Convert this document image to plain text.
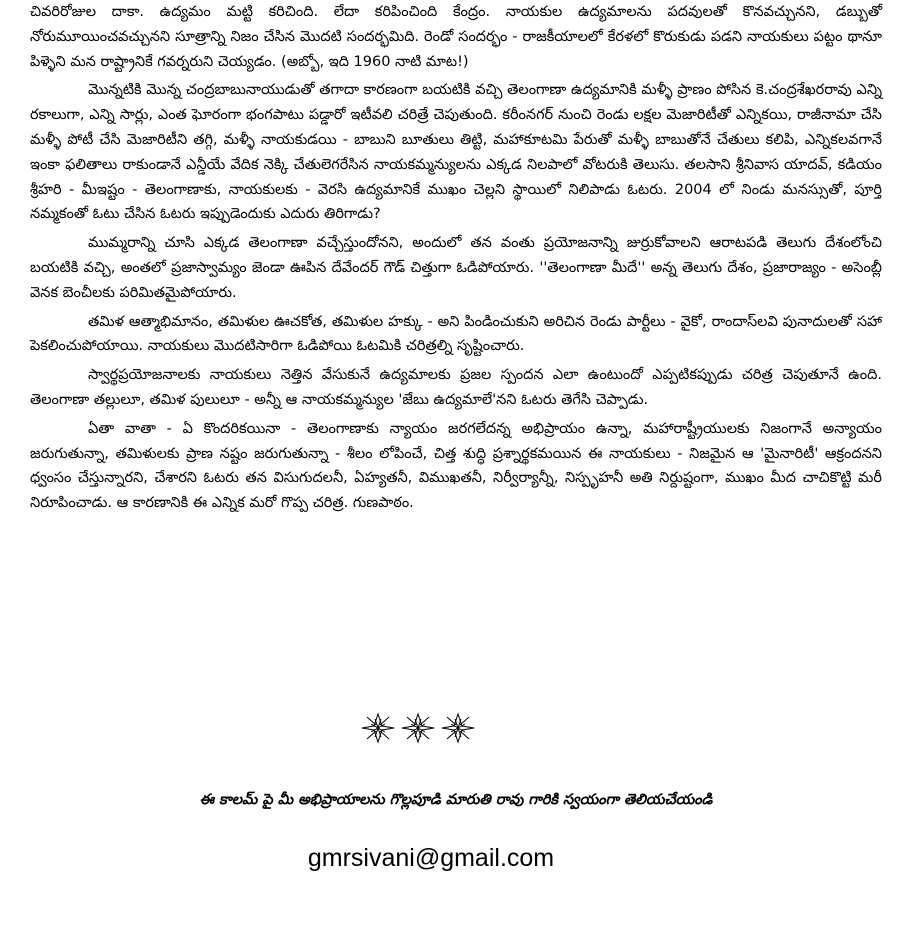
చివరిరోజుల దాకా. ఉద్యమం మట్టి కరిచింది. లేదా కరిపించింది కేంద్రం. నాయకుల ఉద్యమాలను పదవులతో కొనవచ్చునని, డబ్బుతో నోరుమూయించవచ్చునని సూత్రాన్ని నిజం చేసిన మొదటి సందర్భమిది. రెండో సందర్భం - రాజకీయాలలో కేరళలో కొరుకుడు పడని నాయకులు పట్టం థానూ పిళ్ళెని మన రాష్ట్రానికే గవర్నరుని చెయ్యడం. (అబ్బో, ఇది 1960 నాటి మాట!)

మొన్నటికి మొన్న చంద్రబాబునాయుడుతో తగాదా కారణంగా బయటికి వచ్చి తెలంగాణా ఉద్యమానికి మళ్ళీ ప్రాణం పోసిన కె.చంద్రశేఖరరావు ఎన్ని రకాలుగా, ఎన్ని సార్లు, ఎంత ఘోరంగా భంగపాటు పడ్డారో ఇటీవలి చరిత్రే చెపుతుంది. కరీంనగర్ నుంచి రెండు లక్షల మెజారిటీతో ఎన్నికయి, రాజీనామా చేసి మళ్ళీ పోటీ చేసి మెజారిటీని తగ్గి, మళ్ళీ నాయకుడయి - బాబుని బూతులు తిట్టి, మహాకూటమి పేరుతో మళ్ళీ బాబుతోనే చేతులు కలిపి, ఎన్నికలవగానే ఇంకా ఫలితాలు రాకుండానే ఎన్డీయే వేదిక నెక్కి చేతులెగరేసిన నాయకమ్మన్యులను ఎక్కడ నిలపాలో వోటరుకి తెలుసు. తలసాని శ్రీనివాస యాదవ్, కడియం శ్రీహరి - మీఇష్టం - తెలంగాణాకు, నాయకులకు - వెరసి ఉద్యమానికే ముఖం చెల్లని స్థాయిలో నిలిపాడు ఓటరు. 2004 లో నిండు మనస్సుతో, పూర్తి నమ్మకంతో ఓటు చేసిన ఓటరు ఇప్పుడెందుకు ఎదురు తిరిగాడు?

ముమ్మరాన్ని చూసి ఎక్కడ తెలంగాణా వచ్చేస్తుందోనని, అందులో తన వంతు ప్రయోజనాన్ని జుర్రుకోవాలని ఆరాటపడి తెలుగు దేశంలోంచి బయటికి వచ్చి, అంతలో ప్రజాస్వామ్యం జెండా ఊపిన దేవేందర్ గౌడ్ చిత్తుగా ఓడిపోయారు. ''తెలంగాణా మీదే'' అన్న తెలుగు దేశం, ప్రజారాజ్యం - అసెంబ్లీ వెనక బెంచీలకు పరిమితమైపోయారు.

తమిళ ఆత్మాభిమానం, తమిళుల ఊచకోత, తమిళుల హక్కు - అని పిండించుకుని అరిచిన రెండు పార్టీలు - వైకో, రాందాస్‌లవి పునాదులతో సహా పెకలించుపోయాయి. నాయకులు మొదటిసారిగా ఓడిపోయి ఓటమికి చరిత్రల్ని సృష్టించారు.

స్వార్థప్రయోజనాలకు నాయకులు నెత్తిన వేసుకునే ఉద్యమాలకు ప్రజల స్పందన ఎలా ఉంటుందో ఎప్పటికప్పుడు చరిత్ర చెపుతూనే ఉంది. తెలంగాణా తల్లులూ, తమిళ పులులూ - అన్నీ ఆ నాయకమ్మన్యుల 'జేబు ఉద్యమాలే'నని ఓటరు తెగేసి చెప్పాడు.

ఏతా వాతా - ఏ కొందరికయినా - తెలంగాణాకు న్యాయం జరగలేదన్న అభిప్రాయం ఉన్నా, మహారాష్ట్రీయులకు నిజంగానే అన్యాయం జరుగుతున్నా, తమిళులకు ప్రాణ నష్టం జరుగుతున్నా - శీలం లోపించే, చిత్త శుద్ధి ప్రశ్నార్థకమయిన ఈ నాయకులు - నిజమైన ఆ 'మైనారిటీ' ఆక్రందనని ధ్వంసం చేస్తున్నారని, చేశారని ఓటరు తన విసుగుదలనీ, ఏహ్యతనీ, విముఖతనీ, నిర్వీర్యాన్నీ, నిస్పృహనీ అతి నిర్దుష్టంగా, ముఖం మీద చాచికొట్టి మరీ నిరూపించాడు. ఆ కారణానికి ఈ ఎన్నిక మరో గొప్ప చరిత్ర. గుణపాఠం.

ఈ కాలమ్ పై మీ అభిప్రాయాలను గొల్లపూడి మారుతి రావు గారికి స్వయంగా తెలియచేయండి
gmrsivani@gmail.com
